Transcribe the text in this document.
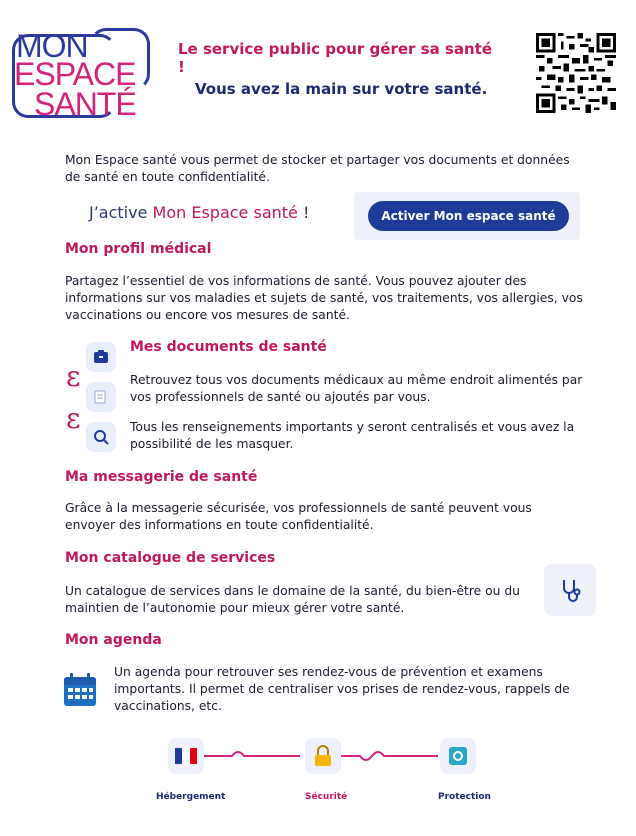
MON
ESPACE
SANTÉ
Le service public pour gérer sa santé !
Vous avez la main sur votre santé.
Mon Espace santé vous permet de stocker et partager vos documents et données de santé en toute confidentialité.
J’active Mon Espace santé !	Activer Mon espace santé
Mon profil médical
Partagez l’essentiel de vos informations de santé. Vous pouvez ajouter des informations sur vos maladies et sujets de santé, vos traitements, vos allergies, vos vaccinations ou encore vos mesures de santé.
ɛ
ɛ
Mes documents de santé
Retrouvez tous vos documents médicaux au même endroit alimentés par vos professionnels de santé ou ajoutés par vous.
Tous les renseignements importants y seront centralisés et vous avez la possibilité de les masquer.
Ma messagerie de santé
Grâce à la messagerie sécurisée, vos professionnels de santé peuvent vous envoyer des informations en toute confidentialité.
Mon catalogue de services
Un catalogue de services dans le domaine de la santé, du bien-être ou du maintien de l’autonomie pour mieux gérer votre santé.
Mon agenda
Un agenda pour retrouver ses rendez-vous de prévention et examens importants. Il permet de centraliser vos prises de rendez-vous, rappels de vaccinations, etc.
Hébergement	Sécurité	Protection
